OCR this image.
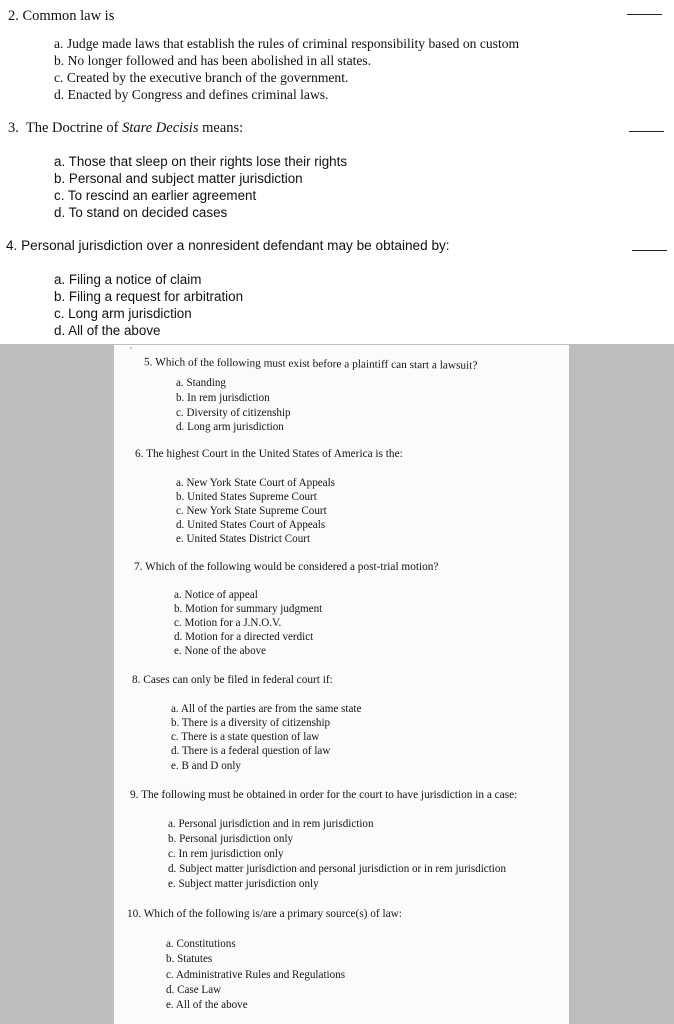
2. Common law is
a. Judge made laws that establish the rules of criminal responsibility based on custom
b. No longer followed and has been abolished in all states.
c. Created by the executive branch of the government.
d. Enacted by Congress and defines criminal laws.
3.  The Doctrine of Stare Decisis means:
a. Those that sleep on their rights lose their rights
b. Personal and subject matter jurisdiction
c. To rescind an earlier agreement
d. To stand on decided cases
4. Personal jurisdiction over a nonresident defendant may be obtained by:
a. Filing a notice of claim
b. Filing a request for arbitration
c. Long arm jurisdiction
d. All of the above
ʹ
5. Which of the following must exist before a plaintiff can start a lawsuit?
a. Standing
b. In rem jurisdiction
c. Diversity of citizenship
d. Long arm jurisdiction
6. The highest Court in the United States of America is the:
a. New York State Court of Appeals
b. United States Supreme Court
c. New York State Supreme Court
d. United States Court of Appeals
e. United States District Court
7. Which of the following would be considered a post-trial motion?
a. Notice of appeal
b. Motion for summary judgment
c. Motion for a J.N.O.V.
d. Motion for a directed verdict
e. None of the above
8. Cases can only be filed in federal court if:
a. All of the parties are from the same state
b. There is a diversity of citizenship
c. There is a state question of law
d. There is a federal question of law
e. B and D only
9. The following must be obtained in order for the court to have jurisdiction in a case:
a. Personal jurisdiction and in rem jurisdiction
b. Personal jurisdiction only
c. In rem jurisdiction only
d. Subject matter jurisdiction and personal jurisdiction or in rem jurisdiction
e. Subject matter jurisdiction only
10. Which of the following is/are a primary source(s) of law:
a. Constitutions
b. Statutes
c. Administrative Rules and Regulations
d. Case Law
e. All of the above
